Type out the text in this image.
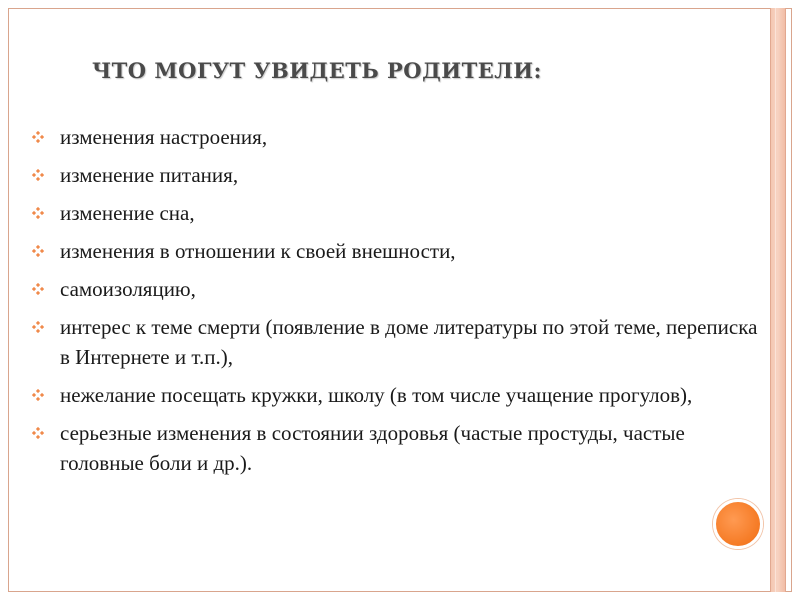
ЧТО МОГУТ УВИДЕТЬ РОДИТЕЛИ:
изменения настроения,
изменение питания,
изменение сна,
изменения в отношении к своей внешности,
самоизоляцию,
интерес к теме смерти (появление в доме литературы по этой теме, переписка в Интернете и т.п.),
нежелание посещать кружки, школу (в том числе учащение прогулов),
серьезные изменения в состоянии здоровья (частые простуды, частые головные боли и др.).
